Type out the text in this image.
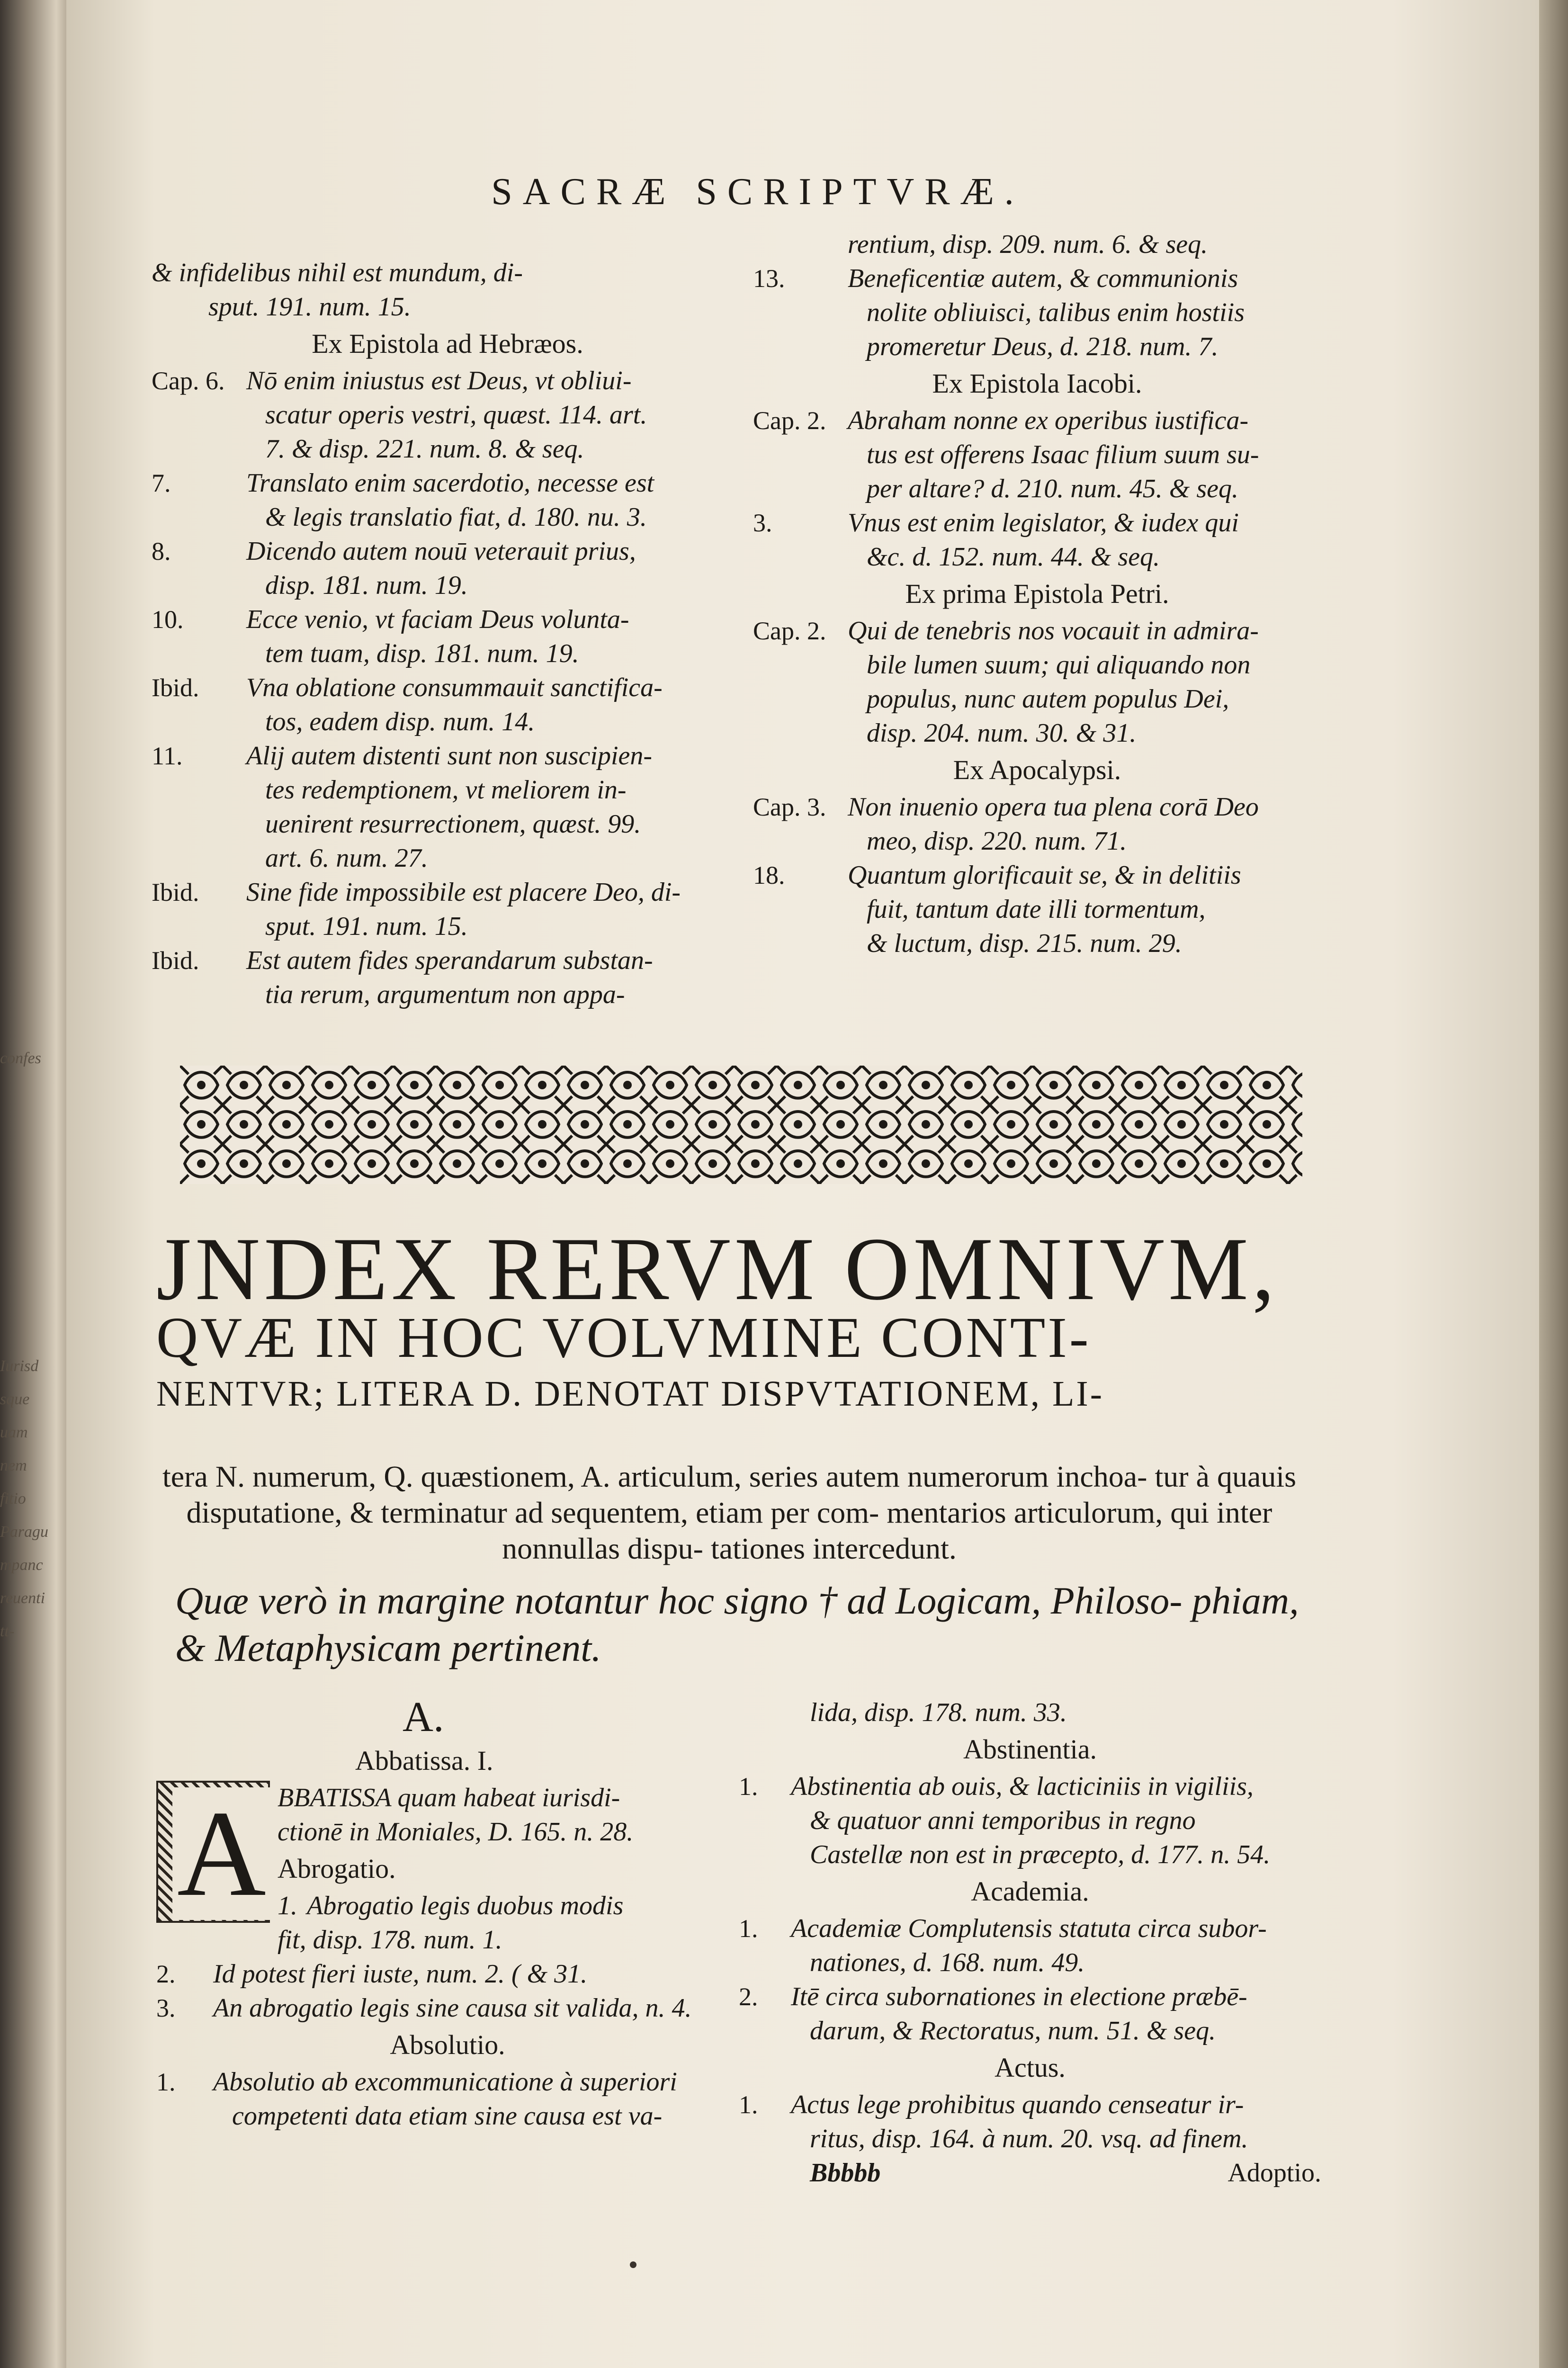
confes
Iurisd
sque
uam
nem
fitio
Paragu
mpanc
reuenti
tt-
SACRÆ SCRIPTVRÆ.
& infidelibus nihil est mundum, di-
sput. 191. num. 15.
Ex Epistola ad Hebræos.
Cap. 6. Nō enim iniustus est Deus, vt obliui-
scatur operis vestri, quæst. 114. art.
7. & disp. 221. num. 8. & seq.
7.	Translato enim sacerdotio, necesse est
& legis translatio fiat, d. 180. nu. 3.
8.	Dicendo autem nouū veterauit prius,
disp. 181. num. 19.
10.	Ecce venio, vt faciam Deus volunta-
tem tuam, disp. 181. num. 19.
Ibid.	Vna oblatione consummauit sanctifica-
tos, eadem disp. num. 14.
11.	Alij autem distenti sunt non suscipien-
tes redemptionem, vt meliorem in-
uenirent resurrectionem, quæst. 99.
art. 6. num. 27.
Ibid.	Sine fide impossibile est placere Deo, di-
sput. 191. num. 15.
Ibid.	Est autem fides sperandarum substan-
tia rerum, argumentum non appa-
rentium, disp. 209. num. 6. & seq.
13.	Beneficentiæ autem, & communionis
nolite obliuisci, talibus enim hostiis
promeretur Deus, d. 218. num. 7.
Ex Epistola Iacobi.
Cap. 2. Abraham nonne ex operibus iustifica-
tus est offerens Isaac filium suum su-
per altare? d. 210. num. 45. & seq.
3.	Vnus est enim legislator, & iudex qui
&c. d. 152. num. 44. & seq.
Ex prima Epistola Petri.
Cap. 2. Qui de tenebris nos vocauit in admira-
bile lumen suum; qui aliquando non
populus, nunc autem populus Dei,
disp. 204. num. 30. & 31.
Ex Apocalypsi.
Cap. 3. Non inuenio opera tua plena corā Deo
meo, disp. 220. num. 71.
18.	Quantum glorificauit se, & in delitiis
fuit, tantum date illi tormentum,
& luctum, disp. 215. num. 29.
JNDEX RERVM OMNIVM,
QVÆ IN HOC VOLVMINE CONTI-
NENTVR; LITERA D. DENOTAT DISPVTATIONEM, LI-
tera N. numerum, Q. quæstionem, A. articulum, series autem numerorum inchoa- tur à quauis disputatione, & terminatur ad sequentem, etiam per com- mentarios articulorum, qui inter nonnullas dispu- tationes intercedunt.
Quæ verò in margine notantur hoc signo † ad Logicam, Philoso- phiam, & Metaphysicam pertinent.
A.
Abbatissa. I.
A BBATISSA quam habeat iurisdi-
ctionē in Moniales, D. 165. n. 28.
Abrogatio.
1. Abrogatio legis duobus modis
fit, disp. 178. num. 1.
2.	Id potest fieri iuste, num. 2. ( & 31.
3.	An abrogatio legis sine causa sit valida, n. 4.
Absolutio.
1.	Absolutio ab excommunicatione à superiori
competenti data etiam sine causa est va-
lida, disp. 178. num. 33.
Abstinentia.
1.	Abstinentia ab ouis, & lacticiniis in vigiliis,
& quatuor anni temporibus in regno
Castellæ non est in præcepto, d. 177. n. 54.
Academia.
1.	Academiæ Complutensis statuta circa subor-
nationes, d. 168. num. 49.
2.	Itē circa subornationes in electione præbē-
darum, & Rectoratus, num. 51. & seq.
Actus.
1.	Actus lege prohibitus quando censeatur ir-
ritus, disp. 164. à num. 20. vsq. ad finem.
Bbbbb	Adoptio.
